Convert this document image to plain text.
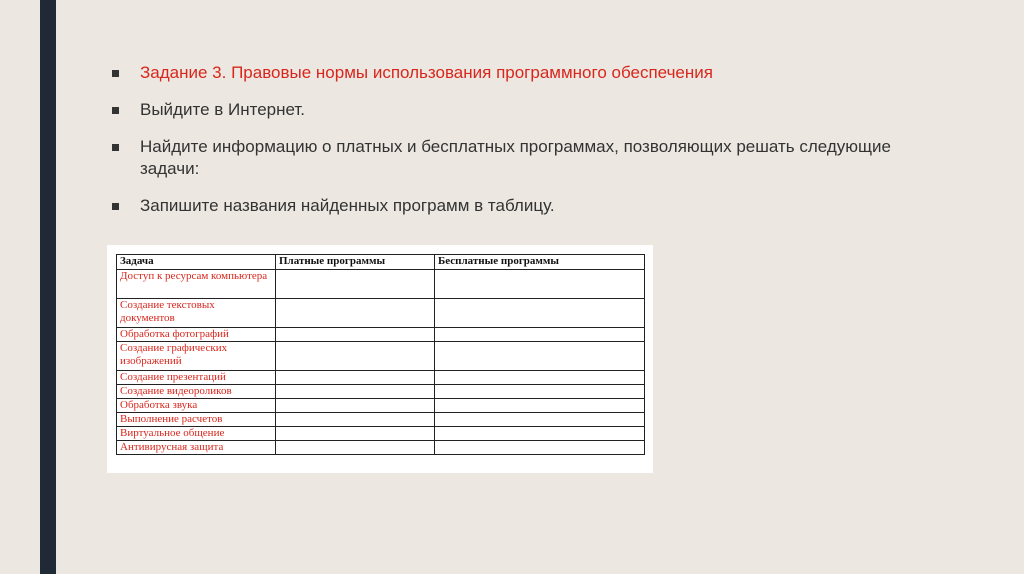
Задание 3. Правовые нормы использования программного обеспечения
Выйдите в Интернет.
Найдите информацию о платных и бесплатных программах, позволяющих решать следующие задачи:
Запишите названия найденных программ в таблицу.
Задача	Платные программы	Бесплатные программы
Доступ к ресурсам компьютера		
Создание текстовых документов		
Обработка фотографий		
Создание графических изображений		
Создание презентаций		
Создание видеороликов		
Обработка звука		
Выполнение расчетов		
Виртуальное общение		
Антивирусная защита		
